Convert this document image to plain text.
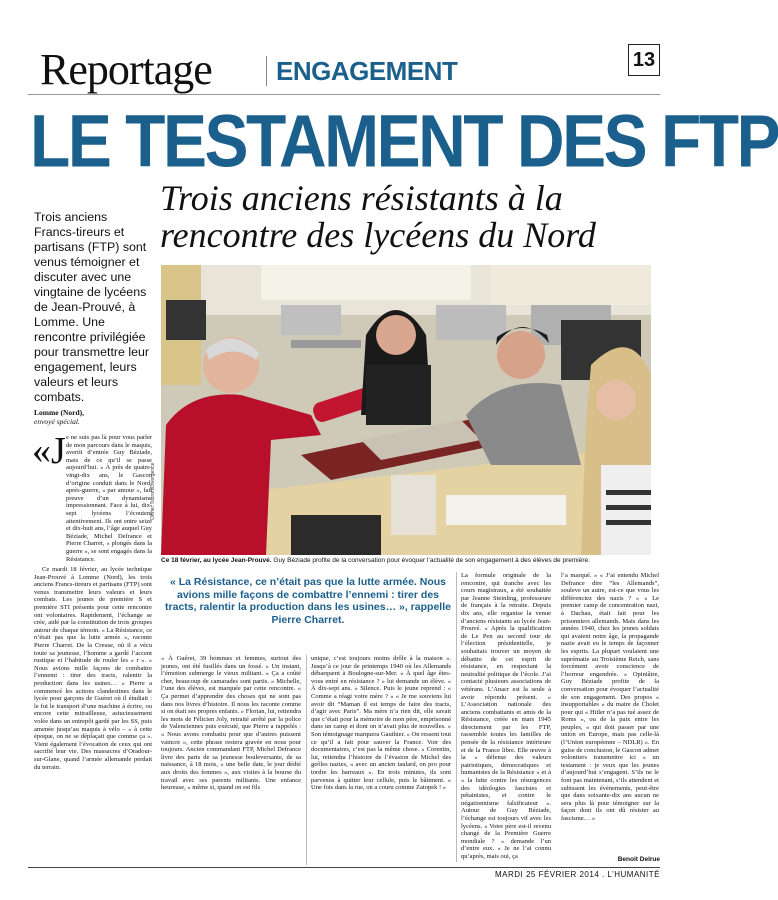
Reportage ENGAGEMENT	13
LE TESTAMENT DES FTP
Trois anciens résistants à la rencontre des lycéens du Nord
Trois anciens Francs-tireurs et partisans (FTP) sont venus témoigner et discuter avec une vingtaine de lycéens de Jean-Prouvé, à Lomme. Une rencontre privilégiée pour transmettre leur engagement, leurs valeurs et leurs combats.
Olivier Touron/Divergence
Ce 18 février, au lycée Jean-Prouvé. Guy Béziade profite de la conversation pour évoquer l’actualité de son engagement à des élèves de première.
Lomme (Nord),
envoyé spécial.
«J e ne suis pas là pour vous parler de mon parcours dans le maquis, avertit d’entrée Guy Béziade, mais de ce qu’il se passe aujourd’hui. » À près de quatre-vingt-dix ans, le Gascon d’origine conduit dans le Nord, après-guerre, « par amour », fait preuve d’un dynamisme impressionnant. Face à lui, dix-sept lycéens l’écoutent attentivement. Ils ont entre seize et dix-huit ans, l’âge auquel Guy Béziade, Michel Defrance et Pierre Charret, « plongés dans la guerre », se sont engagés dans la Résistance.

Ce mardi 18 février, au lycée technique Jean-Prouvé à Lomme (Nord), les trois anciens Francs-tireurs et partisans (FTP) sont venus transmettre leurs valeurs et leurs combats. Les jeunes de première S et première STI présents pour cette rencontre ont volontaires. Rapidement, l’échange se crée, aidé par la constitution de trois groupes autour de chaque témoin. « La Résistance, ce n’était pas que la lutte armée », raconte Pierre Charret. De la Creuse, où il a vécu toute sa jeunesse, l’homme a gardé l’accent rustique et l’habitude de rouler les « r ». « Nous avions mille façons de combattre l’ennemi : tirer des tracts, ralentir la production dans les usines… » Pierre a commencé les actions clandestines dans le lycée pour garçons de Guéret où il étudiait : le fut le transport d’une machine à écrire, ou encore cette mitrailleuse, astucieusement volée dans un entrepôt gardé par les SS, puis amenée jusqu’au maquis à vélo – « à cette époque, on ne se déplaçait que comme ça ». Vient également l’évocation de ceux qui ont sacrifié leur vie. Des massacres d’Oradour-sur-Glane, quand l’armée allemande perdait du terrain.

« La Résistance, ce n’était pas que la lutte armée. Nous avions mille façons de combattre l’ennemi : tirer des tracts, ralentir la production dans les usines… », rappelle Pierre Charret.
« À Guéret, 39 hommes et femmes, surtout des jeunes, ont été fusillés dans un fossé. » Un instant, l’émotion submerge le vieux militant. « Ça a coûté cher, beaucoup de camarades sont partis. » Michelle, l’une des élèves, est marquée par cette rencontre. « Ça permet d’apprendre des choses qui ne sont pas dans nos livres d’histoire. Il nous les raconte comme si on était ses propres enfants. » Florian, lui, retiendra les mots de Félicien Joly, retraité arrêté par la police de Valenciennes puis exécuté, que Pierre a rappelés : « Nous avons combattu pour que d’autres puissent vaincre », cette phrase restera gravée en nous pour toujours. Ancien commandant FTP, Michel Defrance livre des parts de sa jeunesse bouleversante, de sa naissance, à 18 mois, « une belle date, le jour dédié aux droits des femmes », aux visites à la bourse du travail avec ses parents militants. Une enfance heureuse, « même si, quand on est fils
unique, c’est toujours moins drôle à la maison ». Jusqu’à ce jour de printemps 1940 où les Allemands débarquent à Boulogne-sur-Mer. « À quel âge êtes-vous entré en résistance ? » lui demande un élève. « À dix-sept ans. » Silence. Puis le jeune reprend : « Comme a réagi votre mère ? » « Je me souviens lui avoir dit “Maman il est temps de faire des tracts, d’agir avec Paris”. Ma mère n’a rien dit, elle savait que c’était pour la mémoire de mon père, emprisonné dans un camp et dont on n’avait plus de nouvelles. » Son témoignage marquera Gauthier. « On ressent tout ce qu’il a fait pour sauver la France. Voir des documentaires, c’est pas la même chose. » Corentin, lui, retiendra l’histoire de l’évasion de Michel des geôles nazies, « avec un ancien taulard, on pro pour tordre les barreaux ». En trois minutes, ils sont parvenus à quitter leur cellule, puis le bâtiment. « Une fois dans la rue, on a couru comme Zatopek ! »
La formule originale de la rencontre, qui tranche avec les cours magistraux, a été souhaitée par Jeanne Steinling, professeure de français à la retraite. Depuis dix ans, elle organise la venue d’anciens résistants au lycée Jean-Prouvé. « Après la qualification de Le Pen au second tour de l’élection présidentielle, je souhaitais trouver un moyen de débattre de cet esprit de résistance, en respectant la neutralité politique de l’école. J’ai contacté plusieurs associations de vétérans. L’Anacr est la seule à avoir répondu présent. » L’Association nationale des anciens combattants et amis de la Résistance, créée en mars 1945 directement par les FTP, rassemble toutes les familles de pensée de la résistance intérieure et de la France libre. Elle œuvre à la « défense des valeurs patriotiques, démocratiques et humanistes de la Résistance » et à « la lutte contre les résurgences des idéologies fascistes et pétainistes, et contre le négationnisme falsificateur ». Autour de Guy Béziade, l’échange est toujours vif avec les lycéens. « Votre père est-il revenu changé de la Première Guerre mondiale ? » demande l’un d’entre eux. « Je ne l’ai connu qu’après, mais oui, ça
l’a marqué. » « J’ai entendu Michel Defrance dire “les Allemands”, souleve un autre, est-ce que vous les différenciez des nazis ? » « Le premier camp de concentration nazi, à Dachau, était fait pour les prisonniers allemands. Mais dans les années 1940, chez les jeunes soldats qui avaient notre âge, la propagande nazie avait eu le temps de façonner les esprits. La plupart voulaient une suprématie au Troisième Reich, sans forcément avoir conscience de l’horreur engendrée. » Opiniâtre, Guy Béziade profite de la conversation pour évoquer l’actualité de son engagement. Des propos « insupportables » du maire de Cholet pour qui « Hitler n’a pas tué assez de Roms », ou de la paix entre les peuples, « qui doit passer par une union en Europe, mais pas celle-là (l’Union européenne – NDLR) ». En guise de conclusion, le Gascon admet volontiers transmettre ici « un testament : je veux que les jeunes d’aujourd’hui s’engagent. S’ils ne le font pas maintenant, s’ils attendent et subissent les événements, peut-être que dans soixante-dix ans aucun ne sera plus là pour témoigner sur la façon dont ils ont dû résister au fascisme… »
Benoit Delrue
MARDI 25 FÉVRIER 2014 . L’HUMANITÉ
